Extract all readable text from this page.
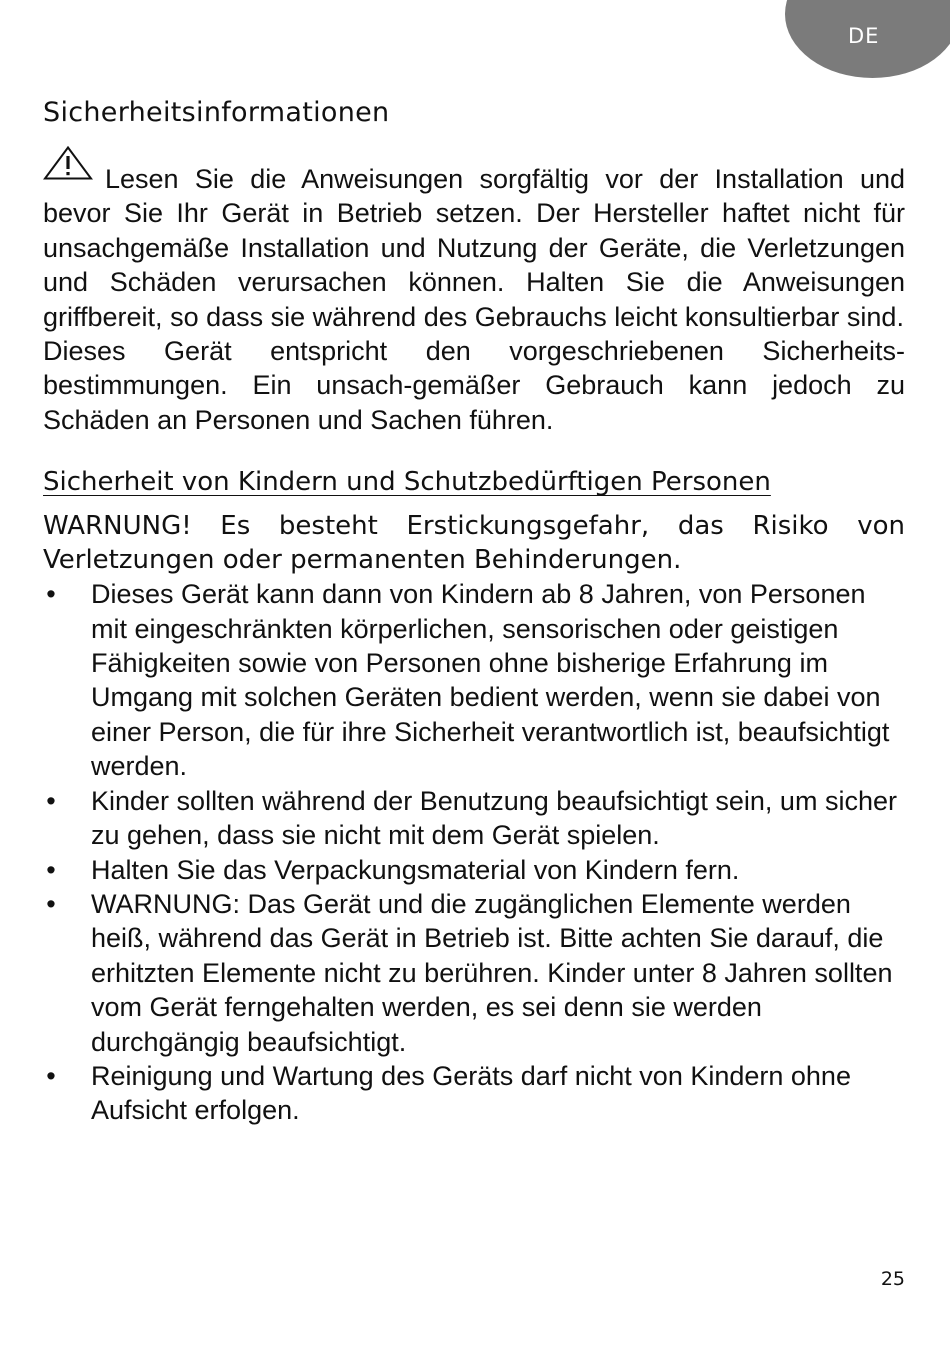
DE
Sicherheitsinformationen

Lesen Sie die Anweisungen sorgfältig vor der Installation und bevor Sie Ihr Gerät in Betrieb setzen. Der Hersteller haftet nicht für unsachgemäße Installation und Nutzung der Geräte, die Verletzungen und Schäden verursachen können. Halten Sie die Anweisungen griffbereit, so dass sie während des Gebrauchs leicht konsultierbar sind.

Dieses Gerät entspricht den vorgeschriebenen Sicherheits-bestimmungen. Ein unsach-gemäßer Gebrauch kann jedoch zu Schäden an Personen und Sachen führen.

Sicherheit von Kindern und Schutzbedürftigen Personen

WARNUNG! Es besteht Erstickungsgefahr, das Risiko von Verletzungen oder permanenten Behinderungen.

• Dieses Gerät kann dann von Kindern ab 8 Jahren, von Personen mit eingeschränkten körperlichen, sensorischen oder geistigen Fähigkeiten sowie von Personen ohne bisherige Erfahrung im Umgang mit solchen Geräten bedient werden, wenn sie dabei von einer Person, die für ihre Sicherheit verantwortlich ist, beaufsichtigt werden.
• Kinder sollten während der Benutzung beaufsichtigt sein, um sicher zu gehen, dass sie nicht mit dem Gerät spielen.
• Halten Sie das Verpackungsmaterial von Kindern fern.
• WARNUNG: Das Gerät und die zugänglichen Elemente werden heiß, während das Gerät in Betrieb ist. Bitte achten Sie darauf, die erhitzten Elemente nicht zu berühren. Kinder unter 8 Jahren sollten vom Gerät ferngehalten werden, es sei denn sie werden durchgängig beaufsichtigt.
• Reinigung und Wartung des Geräts darf nicht von Kindern ohne Aufsicht erfolgen.
25
